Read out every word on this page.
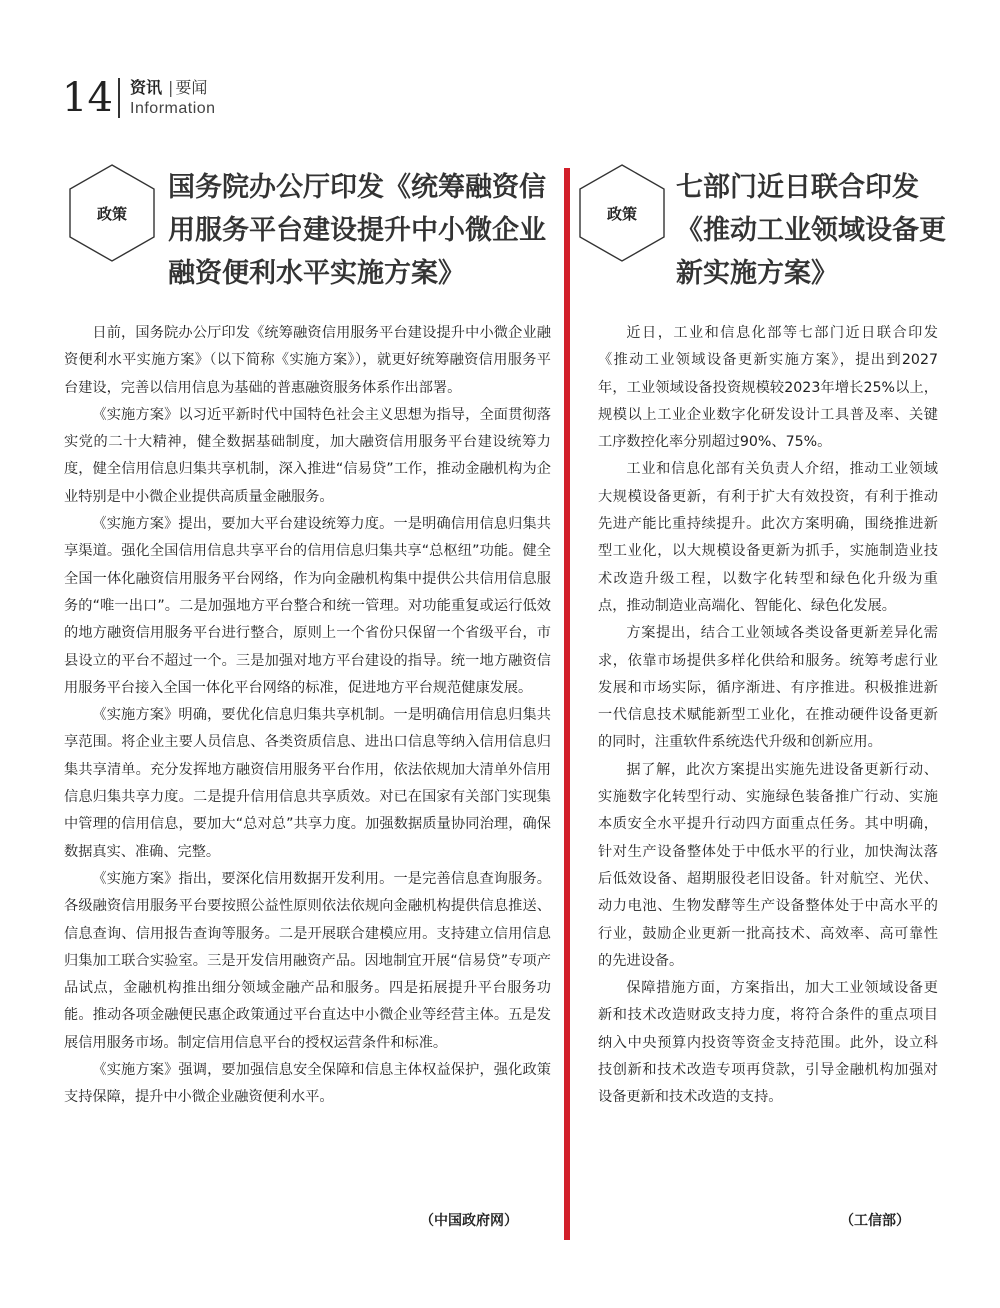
14 资讯 | 要闻
Information
政策
国务院办公厅印发《统筹融资信用服务平台建设提升中小微企业融资便利水平实施方案》

日前，国务院办公厅印发《统筹融资信用服务平台建设提升中小微企业融资便利水平实施方案》（以下简称《实施方案》），就更好统筹融资信用服务平台建设，完善以信用信息为基础的普惠融资服务体系作出部署。

《实施方案》以习近平新时代中国特色社会主义思想为指导，全面贯彻落实党的二十大精神，健全数据基础制度，加大融资信用服务平台建设统筹力度，健全信用信息归集共享机制，深入推进“信易贷”工作，推动金融机构为企业特别是中小微企业提供高质量金融服务。

《实施方案》提出，要加大平台建设统筹力度。一是明确信用信息归集共享渠道。强化全国信用信息共享平台的信用信息归集共享“总枢纽”功能。健全全国一体化融资信用服务平台网络，作为向金融机构集中提供公共信用信息服务的“唯一出口”。二是加强地方平台整合和统一管理。对功能重复或运行低效的地方融资信用服务平台进行整合，原则上一个省份只保留一个省级平台，市县设立的平台不超过一个。三是加强对地方平台建设的指导。统一地方融资信用服务平台接入全国一体化平台网络的标准，促进地方平台规范健康发展。

《实施方案》明确，要优化信息归集共享机制。一是明确信用信息归集共享范围。将企业主要人员信息、各类资质信息、进出口信息等纳入信用信息归集共享清单。充分发挥地方融资信用服务平台作用，依法依规加大清单外信用信息归集共享力度。二是提升信用信息共享质效。对已在国家有关部门实现集中管理的信用信息，要加大“总对总”共享力度。加强数据质量协同治理，确保数据真实、准确、完整。

《实施方案》指出，要深化信用数据开发利用。一是完善信息查询服务。各级融资信用服务平台要按照公益性原则依法依规向金融机构提供信息推送、信息查询、信用报告查询等服务。二是开展联合建模应用。支持建立信用信息归集加工联合实验室。三是开发信用融资产品。因地制宜开展“信易贷”专项产品试点，金融机构推出细分领域金融产品和服务。四是拓展提升平台服务功能。推动各项金融便民惠企政策通过平台直达中小微企业等经营主体。五是发展信用服务市场。制定信用信息平台的授权运营条件和标准。

《实施方案》强调，要加强信息安全保障和信息主体权益保护，强化政策支持保障，提升中小微企业融资便利水平。

（中国政府网）
政策
七部门近日联合印发《推动工业领域设备更新实施方案》

近日，工业和信息化部等七部门近日联合印发《推动工业领域设备更新实施方案》，提出到2027年，工业领域设备投资规模较2023年增长25%以上，规模以上工业企业数字化研发设计工具普及率、关键工序数控化率分别超过90%、75%。

工业和信息化部有关负责人介绍，推动工业领域大规模设备更新，有利于扩大有效投资，有利于推动先进产能比重持续提升。此次方案明确，围绕推进新型工业化，以大规模设备更新为抓手，实施制造业技术改造升级工程，以数字化转型和绿色化升级为重点，推动制造业高端化、智能化、绿色化发展。

方案提出，结合工业领域各类设备更新差异化需求，依靠市场提供多样化供给和服务。统筹考虑行业发展和市场实际，循序渐进、有序推进。积极推进新一代信息技术赋能新型工业化，在推动硬件设备更新的同时，注重软件系统迭代升级和创新应用。

据了解，此次方案提出实施先进设备更新行动、实施数字化转型行动、实施绿色装备推广行动、实施本质安全水平提升行动四方面重点任务。其中明确，针对生产设备整体处于中低水平的行业，加快淘汰落后低效设备、超期服役老旧设备。针对航空、光伏、动力电池、生物发酵等生产设备整体处于中高水平的行业，鼓励企业更新一批高技术、高效率、高可靠性的先进设备。

保障措施方面，方案指出，加大工业领域设备更新和技术改造财政支持力度，将符合条件的重点项目纳入中央预算内投资等资金支持范围。此外，设立科技创新和技术改造专项再贷款，引导金融机构加强对设备更新和技术改造的支持。

（工信部）
